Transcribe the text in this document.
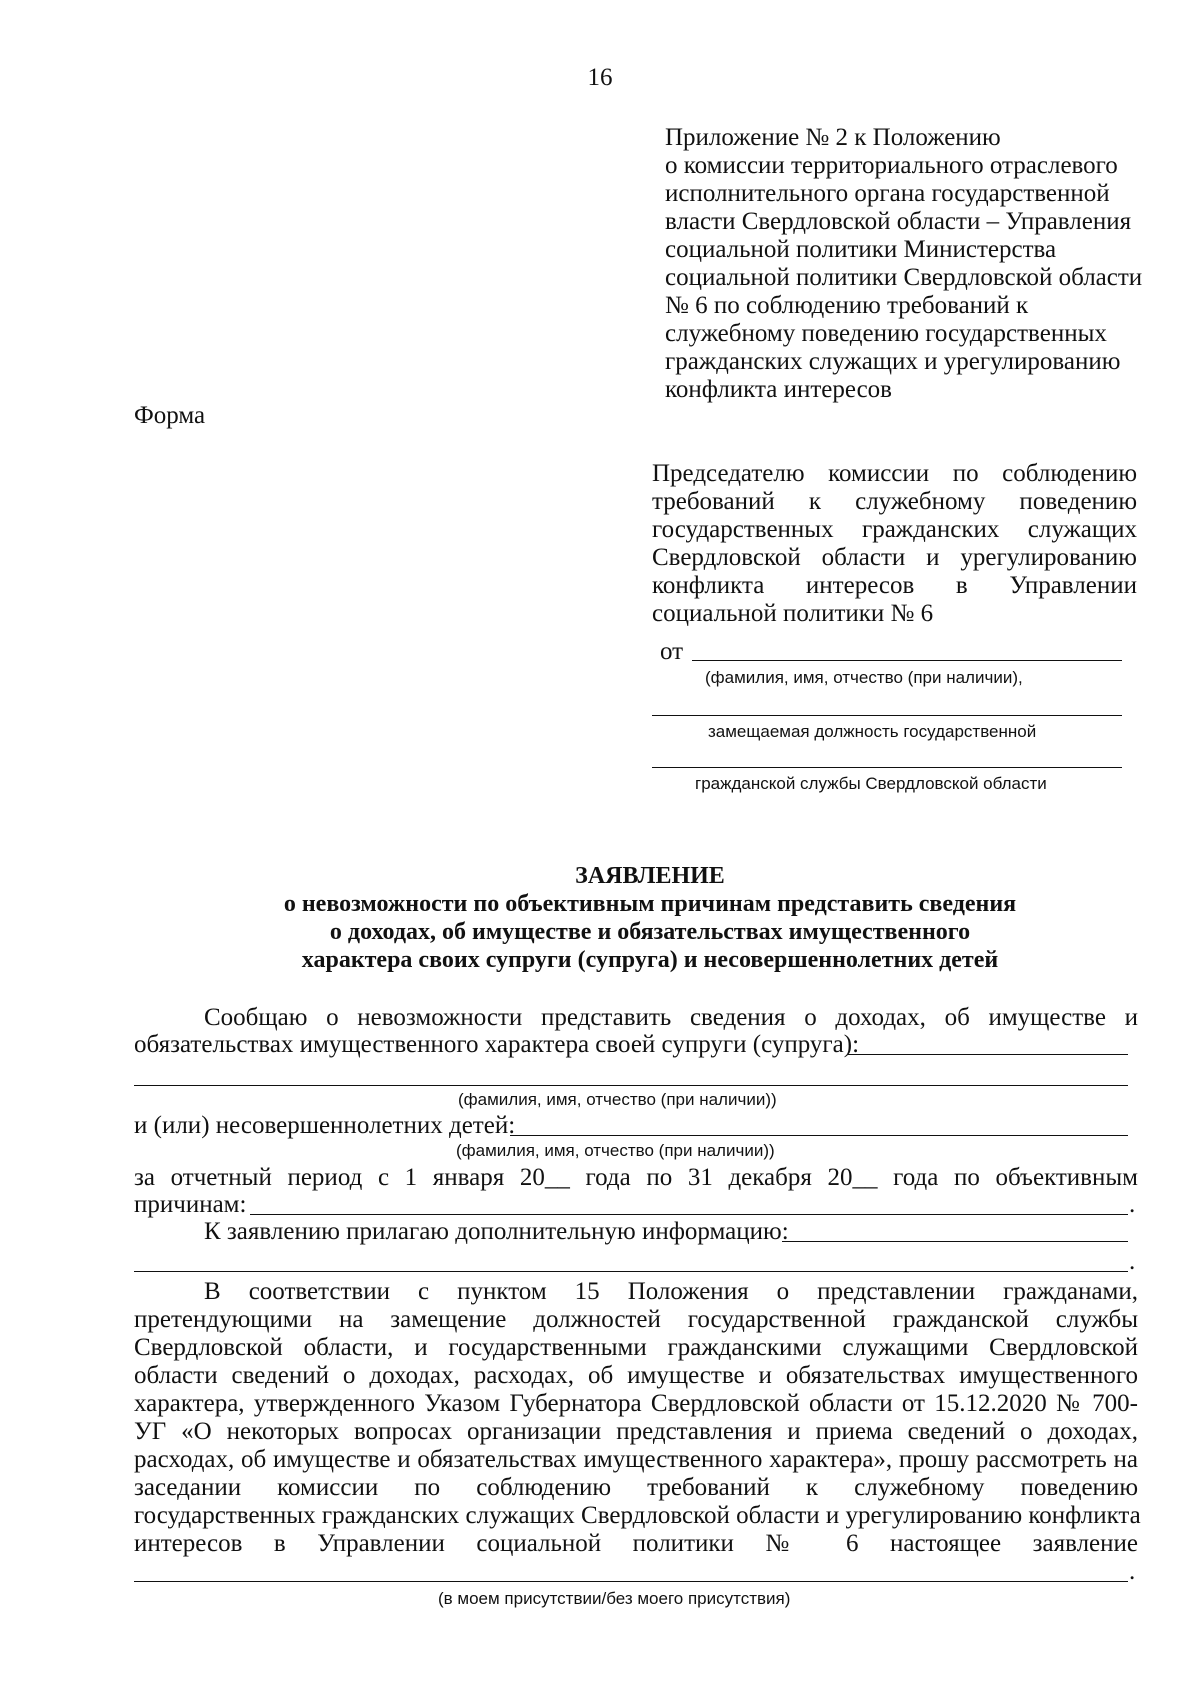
16
Приложение № 2 к Положению
о комиссии территориального отраслевого
исполнительного органа государственной
власти Свердловской области – Управления
социальной политики Министерства
социальной политики Свердловской области
№ 6 по соблюдению требований к
служебному поведению государственных
гражданских служащих и урегулированию
конфликта интересов
Форма
Председателю комиссии по соблюдению
требований к служебному поведению
государственных гражданских служащих
Свердловской области и урегулированию
конфликта интересов в Управлении
социальной политики № 6
от
(фамилия, имя, отчество (при наличии),
замещаемая должность государственной
гражданской службы Свердловской области
ЗАЯВЛЕНИЕ
о невозможности по объективным причинам представить сведения
о доходах, об имуществе и обязательствах имущественного
характера своих супруги (супруга) и несовершеннолетних детей
Сообщаю о невозможности представить сведения о доходах, об имуществе и
обязательствах имущественного характера своей супруги (супруга):
(фамилия, имя, отчество (при наличии))
и (или) несовершеннолетних детей:
(фамилия, имя, отчество (при наличии))
за отчетный период с 1 января 20__ года по 31 декабря 20__ года по объективным
причинам:	.
К заявлению прилагаю дополнительную информацию:
.
В соответствии с пунктом 15 Положения о представлении гражданами,
претендующими на замещение должностей государственной гражданской службы
Свердловской области, и государственными гражданскими служащими Свердловской
области сведений о доходах, расходах, об имуществе и обязательствах имущественного
характера, утвержденного Указом Губернатора Свердловской области от 15.12.2020 № 700-
УГ «О некоторых вопросах организации представления и приема сведений о доходах,
расходах, об имуществе и обязательствах имущественного характера», прошу рассмотреть на
заседании комиссии по соблюдению требований к служебному поведению
государственных гражданских служащих Свердловской области и урегулированию конфликта
интересов в Управлении социальной политики № 6 настоящее заявление
.
(в моем присутствии/без моего присутствия)
